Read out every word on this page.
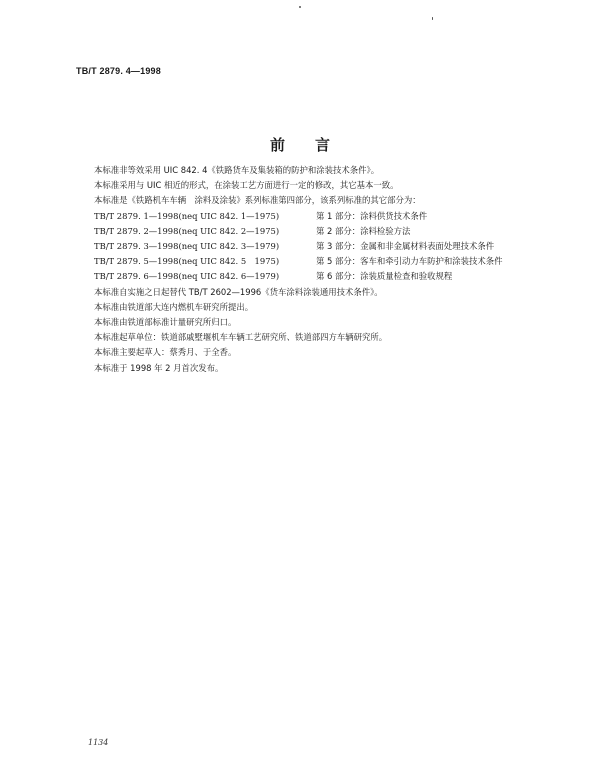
TB/T 2879. 4—1998
前言
本标准非等效采用 UIC 842. 4《铁路货车及集装箱的防护和涂装技术条件》。
本标准采用与 UIC 相近的形式，在涂装工艺方面进行一定的修改，其它基本一致。
本标准是《铁路机车车辆　涂料及涂装》系列标准第四部分，该系列标准的其它部分为：
TB/T 2879. 1—1998(neq UIC 842. 1—1975)	第 1 部分：涂料供货技术条件
TB/T 2879. 2—1998(neq UIC 842. 2—1975)	第 2 部分：涂料检验方法
TB/T 2879. 3—1998(neq UIC 842. 3—1979)	第 3 部分：金属和非金属材料表面处理技术条件
TB/T 2879. 5—1998(neq UIC 842. 5　1975)	第 5 部分：客车和牵引动力车防护和涂装技术条件
TB/T 2879. 6—1998(neq UIC 842. 6—1979)	第 6 部分：涂装质量检查和验收规程
本标准自实施之日起替代 TB/T 2602—1996《货车涂料涂装通用技术条件》。
本标准由铁道部大连内燃机车研究所提出。
本标准由铁道部标准计量研究所归口。
本标准起草单位：铁道部戚墅堰机车车辆工艺研究所、铁道部四方车辆研究所。
本标准主要起草人：蔡秀月、于全香。
本标准于 1998 年 2 月首次发布。
1134
